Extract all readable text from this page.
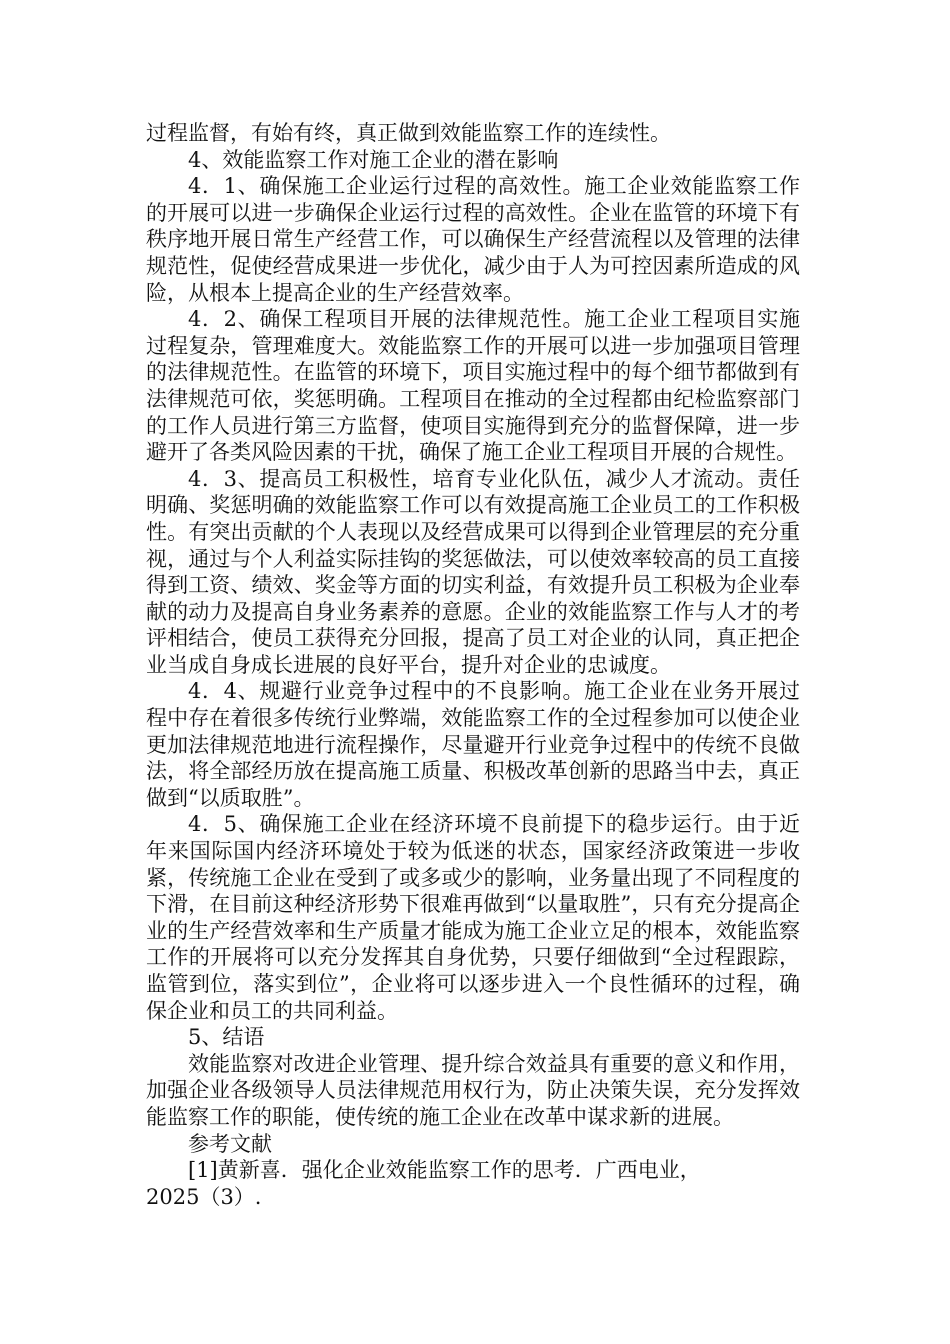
过程监督，有始有终，真正做到效能监察工作的连续性。

4、效能监察工作对施工企业的潜在影响

4．1、确保施工企业运行过程的高效性。施工企业效能监察工作的开展可以进一步确保企业运行过程的高效性。企业在监管的环境下有秩序地开展日常生产经营工作，可以确保生产经营流程以及管理的法律规范性，促使经营成果进一步优化，减少由于人为可控因素所造成的风险，从根本上提高企业的生产经营效率。

4．2、确保工程项目开展的法律规范性。施工企业工程项目实施过程复杂，管理难度大。效能监察工作的开展可以进一步加强项目管理的法律规范性。在监管的环境下，项目实施过程中的每个细节都做到有法律规范可依，奖惩明确。工程项目在推动的全过程都由纪检监察部门的工作人员进行第三方监督，使项目实施得到充分的监督保障，进一步避开了各类风险因素的干扰，确保了施工企业工程项目开展的合规性。

4．3、提高员工积极性，培育专业化队伍，减少人才流动。责任明确、奖惩明确的效能监察工作可以有效提高施工企业员工的工作积极性。有突出贡献的个人表现以及经营成果可以得到企业管理层的充分重视，通过与个人利益实际挂钩的奖惩做法，可以使效率较高的员工直接得到工资、绩效、奖金等方面的切实利益，有效提升员工积极为企业奉献的动力及提高自身业务素养的意愿。企业的效能监察工作与人才的考评相结合，使员工获得充分回报，提高了员工对企业的认同，真正把企业当成自身成长进展的良好平台，提升对企业的忠诚度。

4．4、规避行业竞争过程中的不良影响。施工企业在业务开展过程中存在着很多传统行业弊端，效能监察工作的全过程参加可以使企业更加法律规范地进行流程操作，尽量避开行业竞争过程中的传统不良做法，将全部经历放在提高施工质量、积极改革创新的思路当中去，真正做到“以质取胜”。

4．5、确保施工企业在经济环境不良前提下的稳步运行。由于近年来国际国内经济环境处于较为低迷的状态，国家经济政策进一步收紧，传统施工企业在受到了或多或少的影响，业务量出现了不同程度的下滑，在目前这种经济形势下很难再做到“以量取胜”，只有充分提高企业的生产经营效率和生产质量才能成为施工企业立足的根本，效能监察工作的开展将可以充分发挥其自身优势，只要仔细做到“全过程跟踪，监管到位，落实到位”，企业将可以逐步进入一个良性循环的过程，确保企业和员工的共同利益。

5、结语

效能监察对改进企业管理、提升综合效益具有重要的意义和作用，加强企业各级领导人员法律规范用权行为，防止决策失误，充分发挥效能监察工作的职能，使传统的施工企业在改革中谋求新的进展。

参考文献

[1]黄新喜．强化企业效能监察工作的思考．广西电业，

2025（3）.
